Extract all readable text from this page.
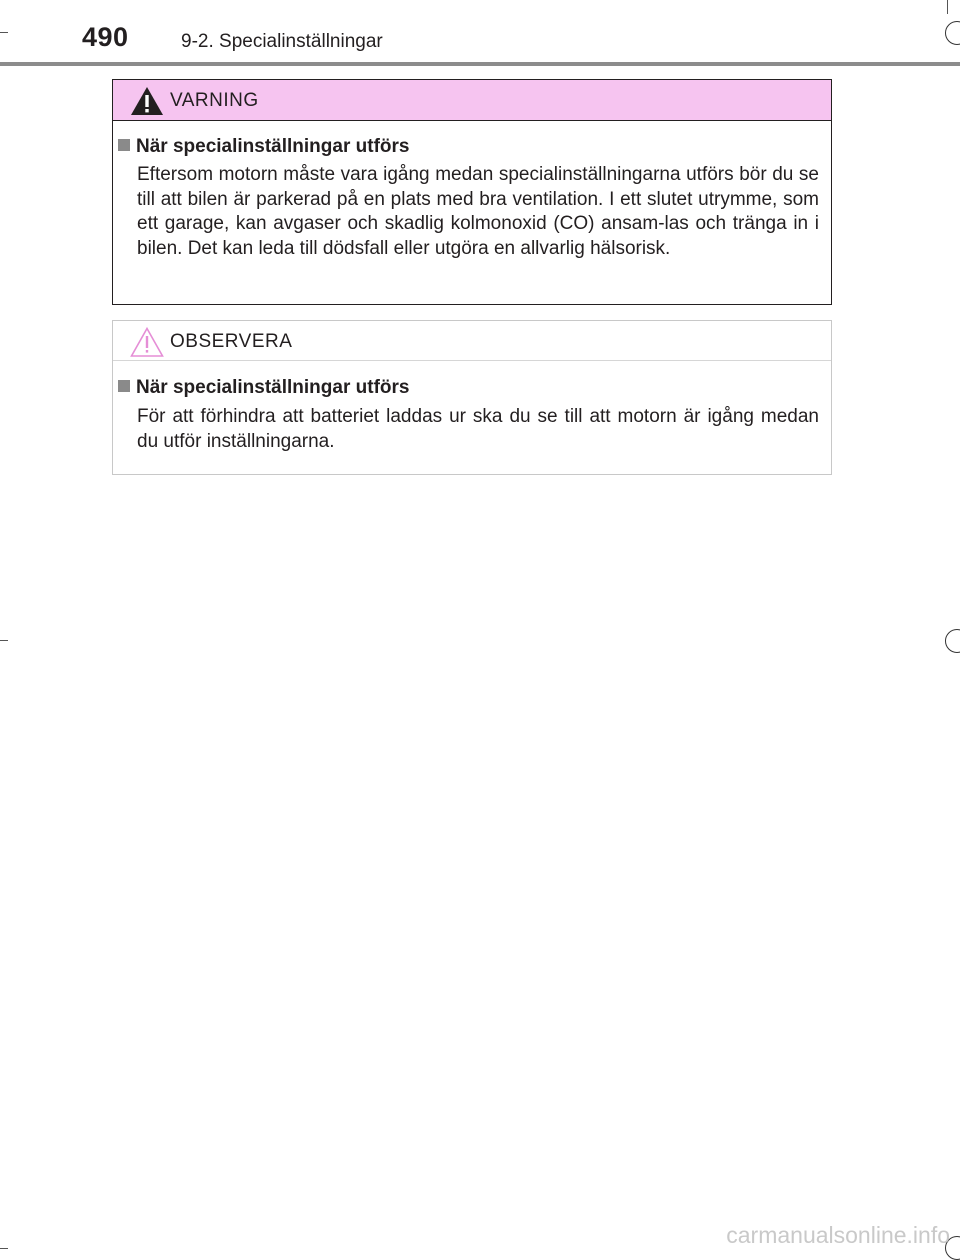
490	9-2. Specialinställningar
VARNING
När specialinställningar utförs
Eftersom motorn måste vara igång medan specialinställningarna utförs bör du se till att bilen är parkerad på en plats med bra ventilation. I ett slutet utrymme, som ett garage, kan avgaser och skadlig kolmonoxid (CO) ansam-las och tränga in i bilen. Det kan leda till dödsfall eller utgöra en allvarlig hälsorisk.
OBSERVERA
När specialinställningar utförs
För att förhindra att batteriet laddas ur ska du se till att motorn är igång medan du utför inställningarna.
carmanualsonline.info
